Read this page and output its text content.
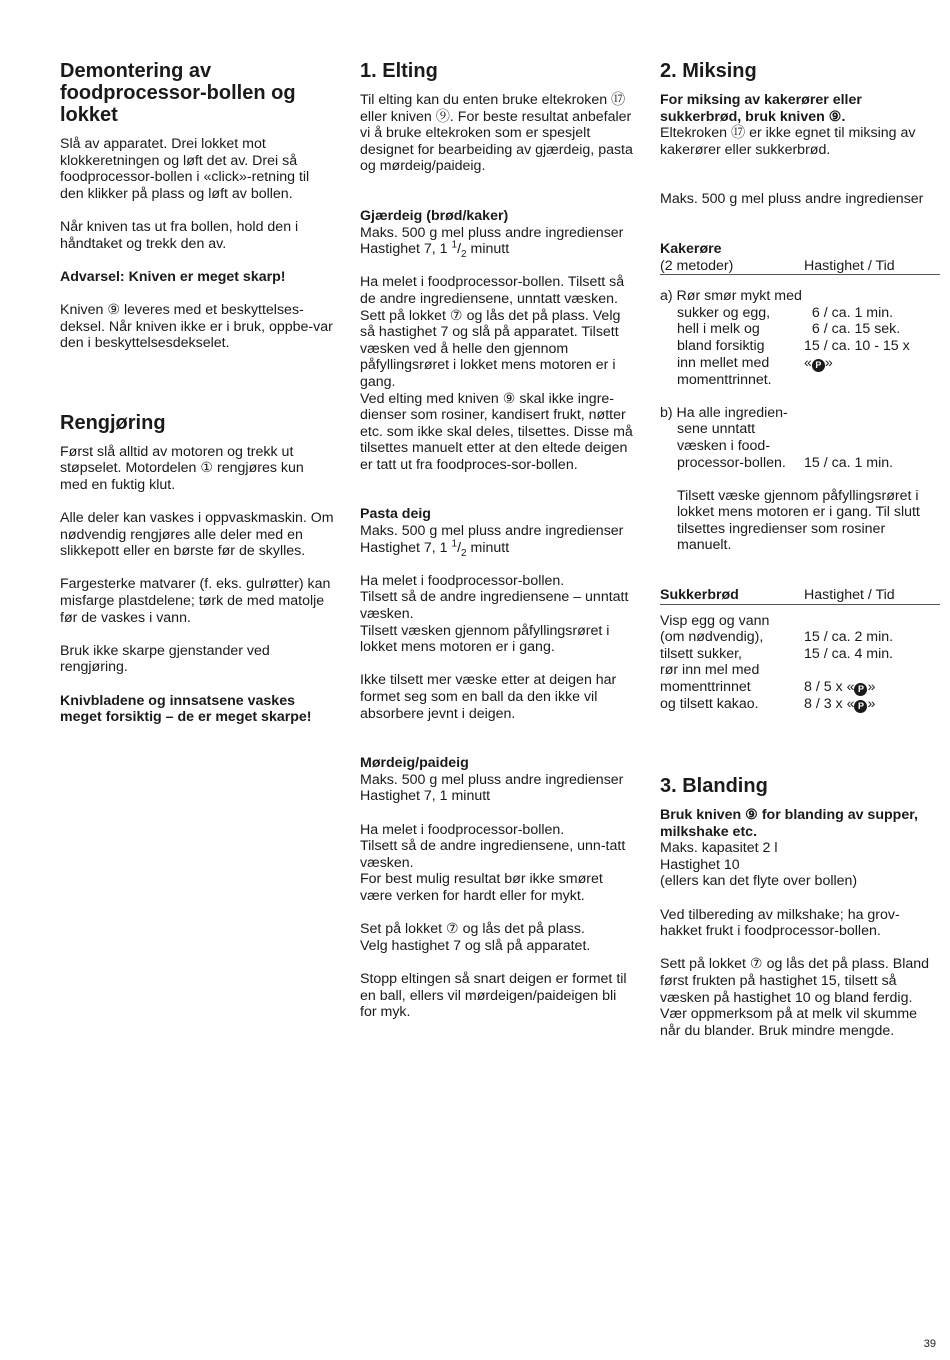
Demontering av foodprocessor-bollen og lokket

Slå av apparatet. Drei lokket mot klokkeretningen og løft det av. Drei så foodprocessor-bollen i «click»-retning til den klikker på plass og løft av bollen.

Når kniven tas ut fra bollen, hold den i håndtaket og trekk den av.

Advarsel: Kniven er meget skarp!

Kniven ⑨ leveres med et beskyttelses-deksel. Når kniven ikke er i bruk, oppbe-var den i beskyttelsesdekselet.

Rengjøring

Først slå alltid av motoren og trekk ut støpselet. Motordelen ① rengjøres kun med en fuktig klut.

Alle deler kan vaskes i oppvaskmaskin. Om nødvendig rengjøres alle deler med en slikkepott eller en børste før de skylles.

Fargesterke matvarer (f. eks. gulrøtter) kan misfarge plastdelene; tørk de med matolje før de vaskes i vann.

Bruk ikke skarpe gjenstander ved rengjøring.

Knivbladene og innsatsene vaskes meget forsiktig – de er meget skarpe!

1. Elting

Til elting kan du enten bruke eltekroken ⑰ eller kniven ⑨. For beste resultat anbefaler vi å bruke eltekroken som er spesjelt designet for bearbeiding av gjærdeig, pasta og mørdeig/paideig.

Gjærdeig (brød/kaker)

Maks. 500 g mel pluss andre ingredienser

Hastighet 7, 1 $^1/_2$ minutt

Ha melet i foodprocessor-bollen. Tilsett så de andre ingrediensene, unntatt væsken.
Sett på lokket ⑦ og lås det på plass. Velg så hastighet 7 og slå på apparatet. Tilsett væsken ved å helle den gjennom påfyllingsrøret i lokket mens motoren er i gang.
Ved elting med kniven ⑨ skal ikke ingre-dienser som rosiner, kandisert frukt, nøtter etc. som ikke skal deles, tilsettes. Disse må tilsettes manuelt etter at den eltede deigen er tatt ut fra foodproces-sor-bollen.

Pasta deig

Maks. 500 g mel pluss andre ingredienser

Hastighet 7, 1 $^1/_2$ minutt

Ha melet i foodprocessor-bollen.
Tilsett så de andre ingrediensene – unntatt væsken.
Tilsett væsken gjennom påfyllingsrøret i lokket mens motoren er i gang.

Ikke tilsett mer væske etter at deigen har formet seg som en ball da den ikke vil absorbere jevnt i deigen.

Mørdeig/paideig

Maks. 500 g mel pluss andre ingredienser

Hastighet 7, 1 minutt

Ha melet i foodprocessor-bollen.
Tilsett så de andre ingrediensene, unn-tatt væsken.
For best mulig resultat bør ikke smøret være verken for hardt eller for mykt.

Set på lokket ⑦ og lås det på plass.
Velg hastighet 7 og slå på apparatet.

Stopp eltingen så snart deigen er formet til en ball, ellers vil mørdeigen/paideigen bli for myk.

2. Miksing

For miksing av kakerører eller sukkerbrød, bruk kniven ⑨.

Eltekroken ⑰ er ikke egnet til miksing av kakerører eller sukkerbrød.

Maks. 500 g mel pluss andre ingredienser

Kakerøre

(2 metoder)	Hastighet / Tid

a) Rør smør mykt med

sukker og egg,	6 / ca. 1 min.
hell i melk og	6 / ca. 15 sek.
bland forsiktig	15 / ca. 10 - 15 x
inn mellet med	« P »
momenttrinnet.

b) Ha alle ingredien-

sene unntatt
væsken i food-
processor-bollen.	15 / ca. 1 min.

Tilsett væske gjennom påfyllingsrøret i lokket mens motoren er i gang. Til slutt tilsettes ingredienser som rosiner manuelt.

Sukkerbrød	Hastighet / Tid
Visp egg og vann
(om nødvendig),	15 / ca. 2 min.
tilsett sukker,	15 / ca. 4 min.
rør inn mel med
momenttrinnet	8 / 5 x « P »
og tilsett kakao.	8 / 3 x « P »
3. Blanding

Bruk kniven ⑨ for blanding av supper, milkshake etc.

Maks. kapasitet 2 l
Hastighet 10
(ellers kan det flyte over bollen)

Ved tilbereding av milkshake; ha grov-hakket frukt i foodprocessor-bollen.

Sett på lokket ⑦ og lås det på plass. Bland først frukten på hastighet 15, tilsett så væsken på hastighet 10 og bland ferdig. Vær oppmerksom på at melk vil skumme når du blander. Bruk mindre mengde.

39
